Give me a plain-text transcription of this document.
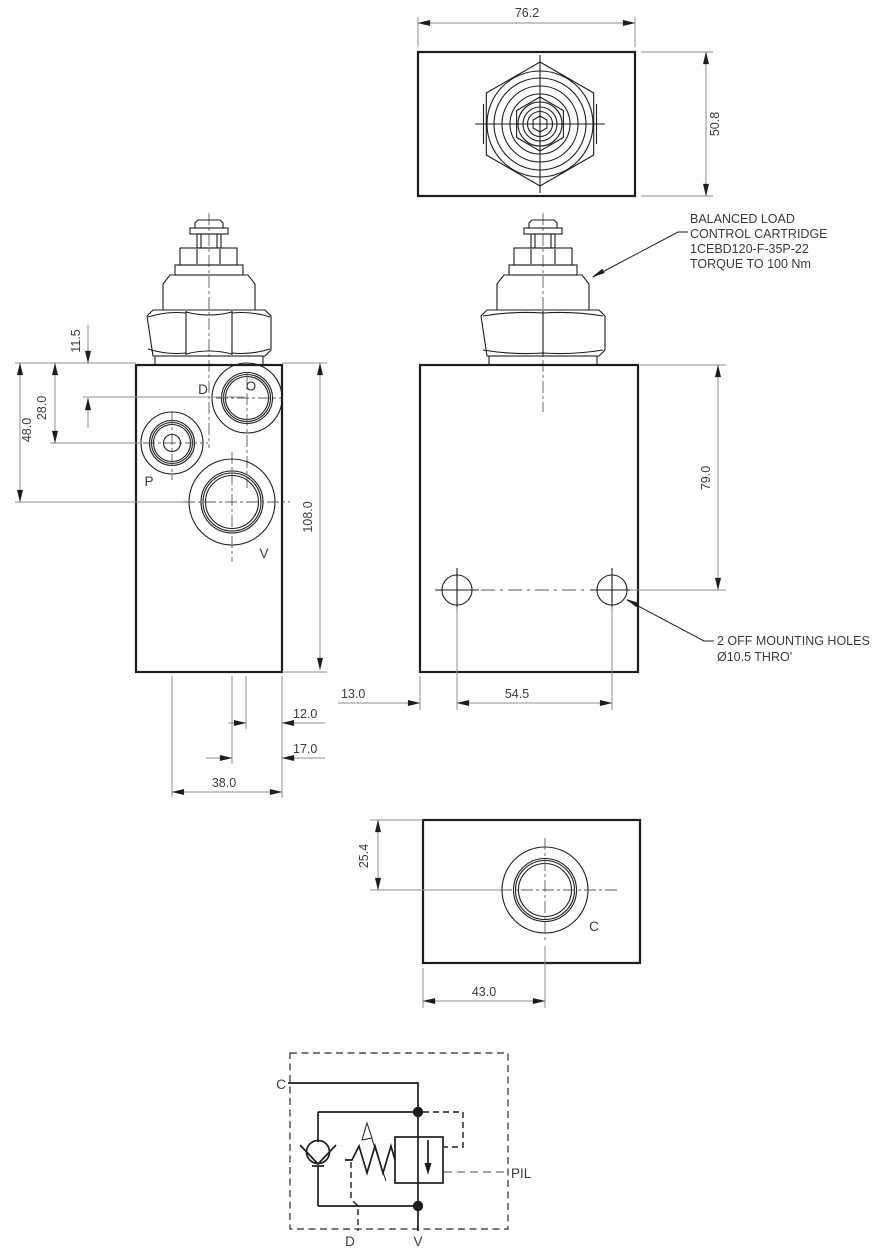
76.2
50.8
D
P
V
11.5
28.0
48.0
108.0
12.0
17.0
38.0
79.0
13.0	54.5
BALANCED LOAD
CONTROL CARTRIDGE
1CEBD120-F-35P-22
TORQUE TO 100 Nm
2 OFF MOUNTING HOLES
Ø10.5 THRO'
C
25.4
43.0
C
PIL
D	V
